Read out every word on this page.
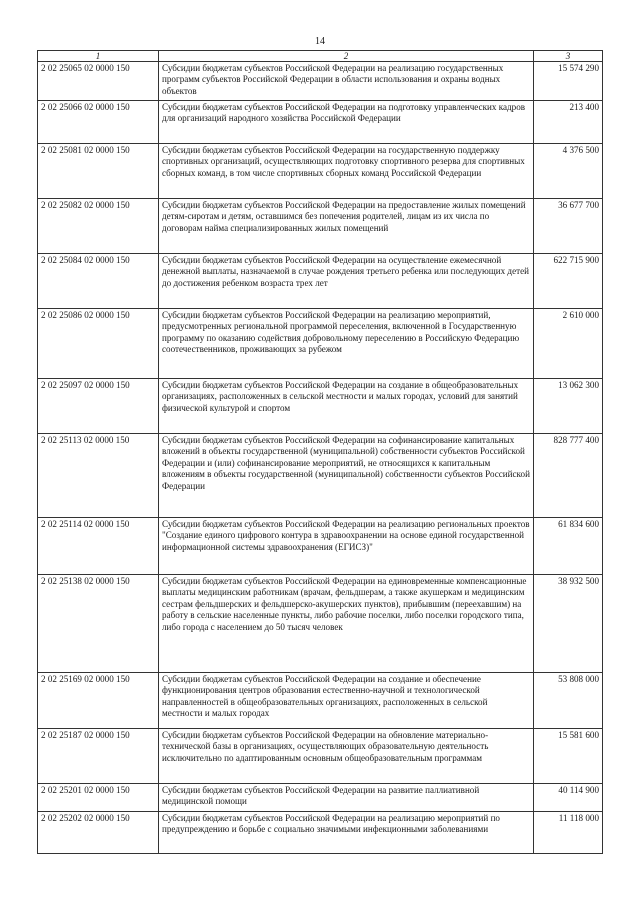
14
1	2	3
2 02 25065 02 0000 150	Субсидии бюджетам субъектов Российской Федерации на реализацию государственных программ субъектов Российской Федерации в области использования и охраны водных объектов	15 574 290
2 02 25066 02 0000 150	Субсидии бюджетам субъектов Российской Федерации на подготовку управленческих кадров для организаций народного хозяйства Российской Федерации	213 400
2 02 25081 02 0000 150	Субсидии бюджетам субъектов Российской Федерации на государственную поддержку спортивных организаций, осуществляющих подготовку спортивного резерва для спортивных сборных команд, в том числе спортивных сборных команд Российской Федерации	4 376 500
2 02 25082 02 0000 150	Субсидии бюджетам субъектов Российской Федерации на предоставление жилых помещений детям-сиротам и детям, оставшимся без попечения родителей, лицам из их числа по договорам найма специализированных жилых помещений	36 677 700
2 02 25084 02 0000 150	Субсидии бюджетам субъектов Российской Федерации на осуществление ежемесячной денежной выплаты, назначаемой в случае рождения третьего ребенка или последующих детей до достижения ребенком возраста трех лет	622 715 900
2 02 25086 02 0000 150	Субсидии бюджетам субъектов Российской Федерации на реализацию мероприятий, предусмотренных региональной программой переселения, включенной в Государственную программу по оказанию содействия добровольному переселению в Российскую Федерацию соотечественников, проживающих за рубежом	2 610 000
2 02 25097 02 0000 150	Субсидии бюджетам субъектов Российской Федерации на создание в общеобразовательных организациях, расположенных в сельской местности и малых городах, условий для занятий физической культурой и спортом	13 062 300
2 02 25113 02 0000 150	Субсидии бюджетам субъектов Российской Федерации на софинансирование капитальных вложений в объекты государственной (муниципальной) собственности субъектов Российской Федерации и (или) софинансирование мероприятий, не относящихся к капитальным вложениям в объекты государственной (муниципальной) собственности субъектов Российской Федерации	828 777 400
2 02 25114 02 0000 150	Субсидии бюджетам субъектов Российской Федерации на реализацию региональных проектов "Создание единого цифрового контура в здравоохранении на основе единой государственной информационной системы здравоохранения (ЕГИСЗ)"	61 834 600
2 02 25138 02 0000 150	Субсидии бюджетам субъектов Российской Федерации на единовременные компенсационные выплаты медицинским работникам (врачам, фельдшерам, а также акушеркам и медицинским сестрам фельдшерских и фельдшерско-акушерских пунктов), прибывшим (переехавшим) на работу в сельские населенные пункты, либо рабочие поселки, либо поселки городского типа, либо города с населением до 50 тысяч человек	38 932 500
2 02 25169 02 0000 150	Субсидии бюджетам субъектов Российской Федерации на создание и обеспечение функционирования центров образования естественно-научной и технологической направленностей в общеобразовательных организациях, расположенных в сельской местности и малых городах	53 808 000
2 02 25187 02 0000 150	Субсидии бюджетам субъектов Российской Федерации на обновление материально-технической базы в организациях, осуществляющих образовательную деятельность исключительно по адаптированным основным общеобразовательным программам	15 581 600
2 02 25201 02 0000 150	Субсидии бюджетам субъектов Российской Федерации на развитие паллиативной медицинской помощи	40 114 900
2 02 25202 02 0000 150	Субсидии бюджетам субъектов Российской Федерации на реализацию мероприятий по предупреждению и борьбе с социально значимыми инфекционными заболеваниями	11 118 000
